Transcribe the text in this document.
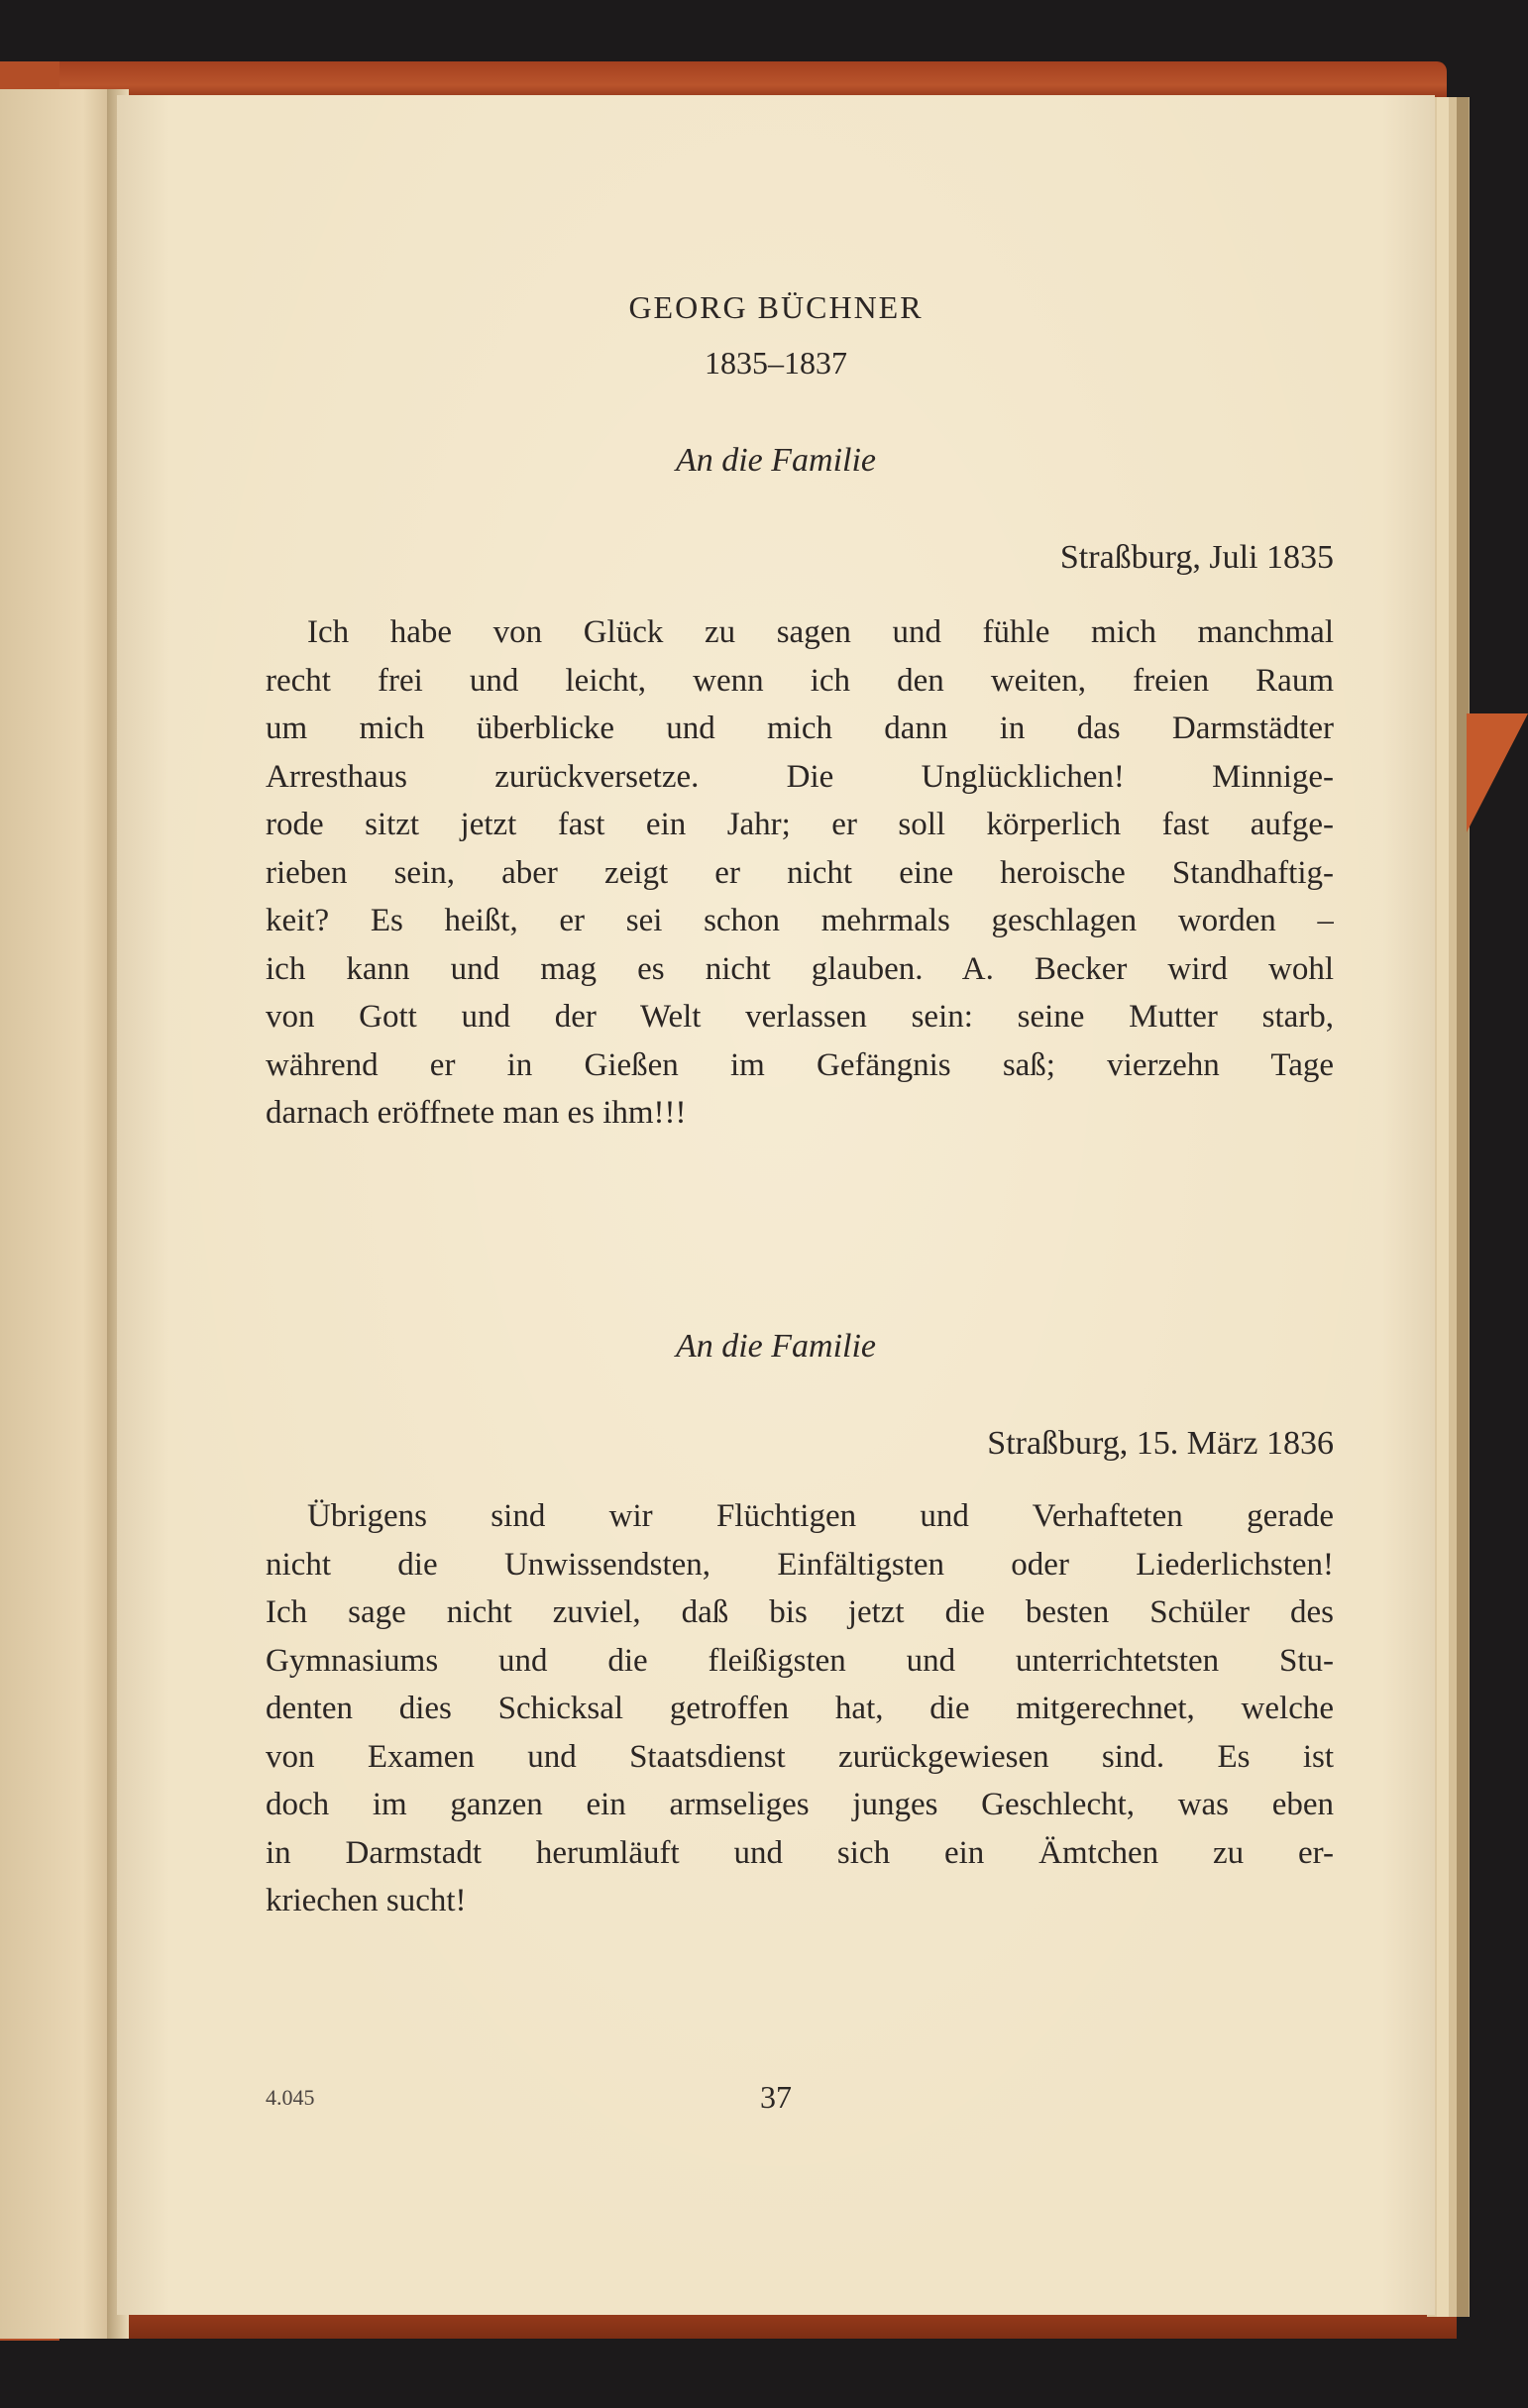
GEORG BÜCHNER
1835–1837
An die Familie
Straßburg, Juli 1835
Ich habe von Glück zu sagen und fühle mich manchmal
recht frei und leicht, wenn ich den weiten, freien Raum
um mich überblicke und mich dann in das Darmstädter
Arresthaus zurückversetze. Die Unglücklichen! Minnige-
rode sitzt jetzt fast ein Jahr; er soll körperlich fast aufge-
rieben sein, aber zeigt er nicht eine heroische Standhaftig-
keit? Es heißt, er sei schon mehrmals geschlagen worden –
ich kann und mag es nicht glauben. A. Becker wird wohl
von Gott und der Welt verlassen sein: seine Mutter starb,
während er in Gießen im Gefängnis saß; vierzehn Tage
darnach eröffnete man es ihm!!!
An die Familie
Straßburg, 15. März 1836
Übrigens sind wir Flüchtigen und Verhafteten gerade
nicht die Unwissendsten, Einfältigsten oder Liederlichsten!
Ich sage nicht zuviel, daß bis jetzt die besten Schüler des
Gymnasiums und die fleißigsten und unterrichtetsten Stu-
denten dies Schicksal getroffen hat, die mitgerechnet, welche
von Examen und Staatsdienst zurückgewiesen sind. Es ist
doch im ganzen ein armseliges junges Geschlecht, was eben
in Darmstadt herumläuft und sich ein Ämtchen zu er-
kriechen sucht!
4.045	37
